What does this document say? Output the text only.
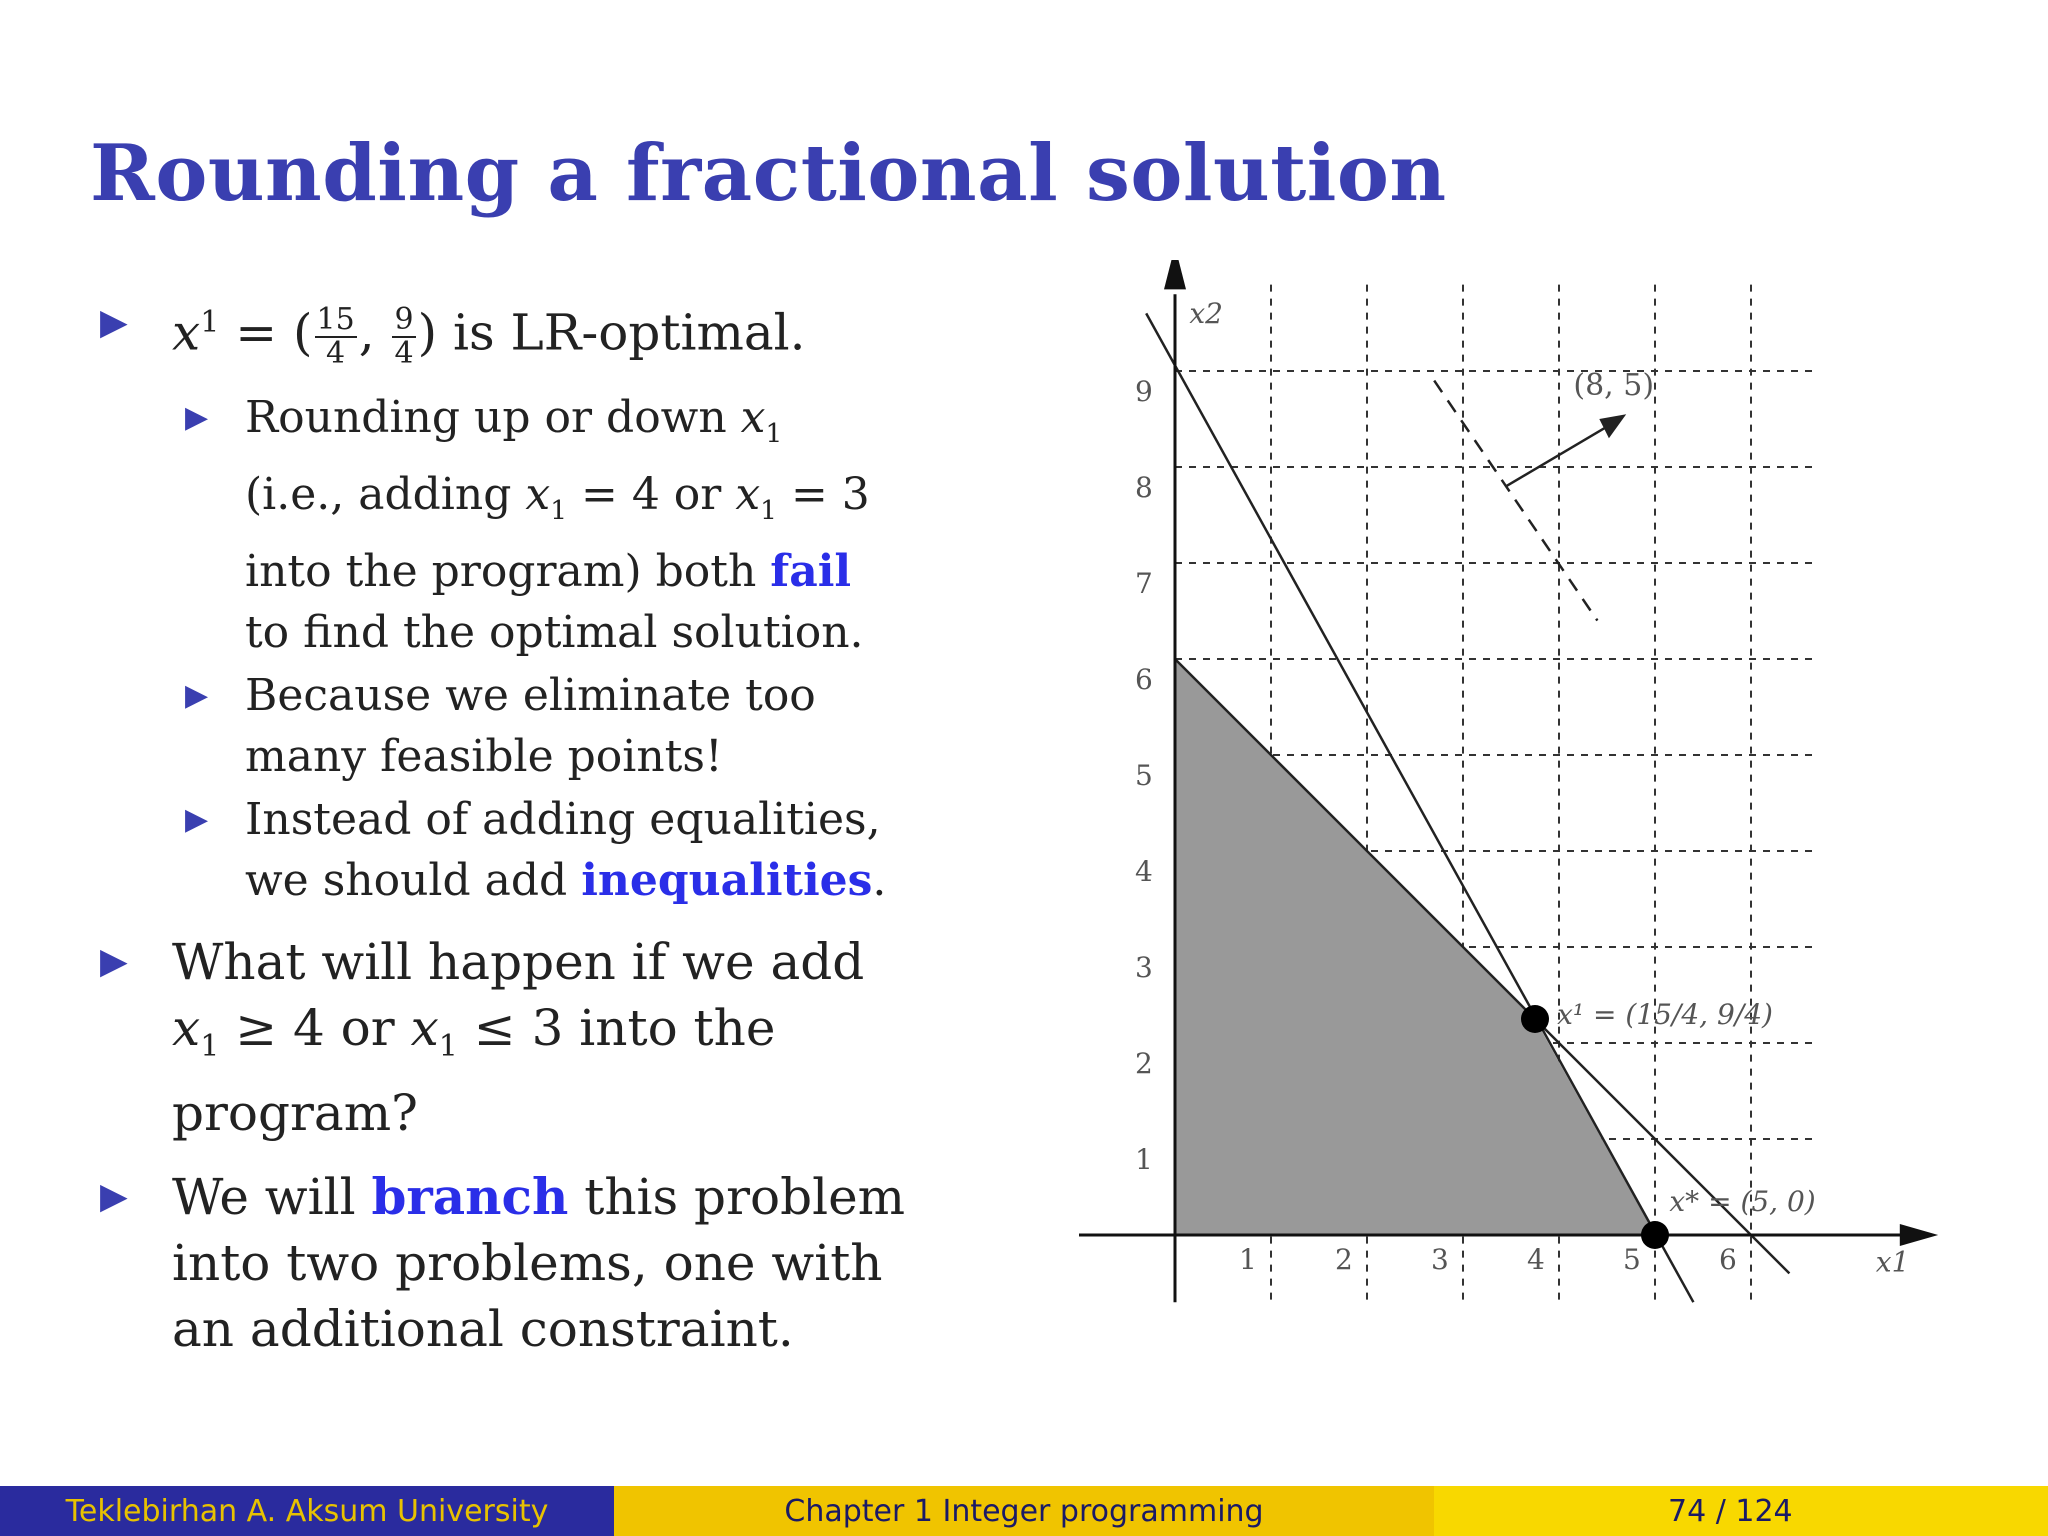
Rounding a fractional solution
▶ $x^1$ = ( $\frac{15}{4}$ , $\frac{9}{4}$ ) is LR-optimal.
▶ Rounding up or down $x_1$
(i.e., adding $x_1 = 4$ or $x_1 = 3$
into the program) both fail
to find the optimal solution.
▶ Because we eliminate too
many feasible points!
▶ Instead of adding equalities,
we should add inequalities.
▶ What will happen if we add
$x_1 \ge 4$ or $x_1 \le 3$ into the
program?
▶ We will branch this problem
into two problems, one with
an additional constraint.
x1
x2
1	2	3	4	5	6
1
2
3
4
5
6
7
8
9	(8, 5)
x¹ = (15/4, 9/4)
x* = (5, 0)
Teklebirhan A. Aksum University	Chapter 1 Integer programming	74 / 124
